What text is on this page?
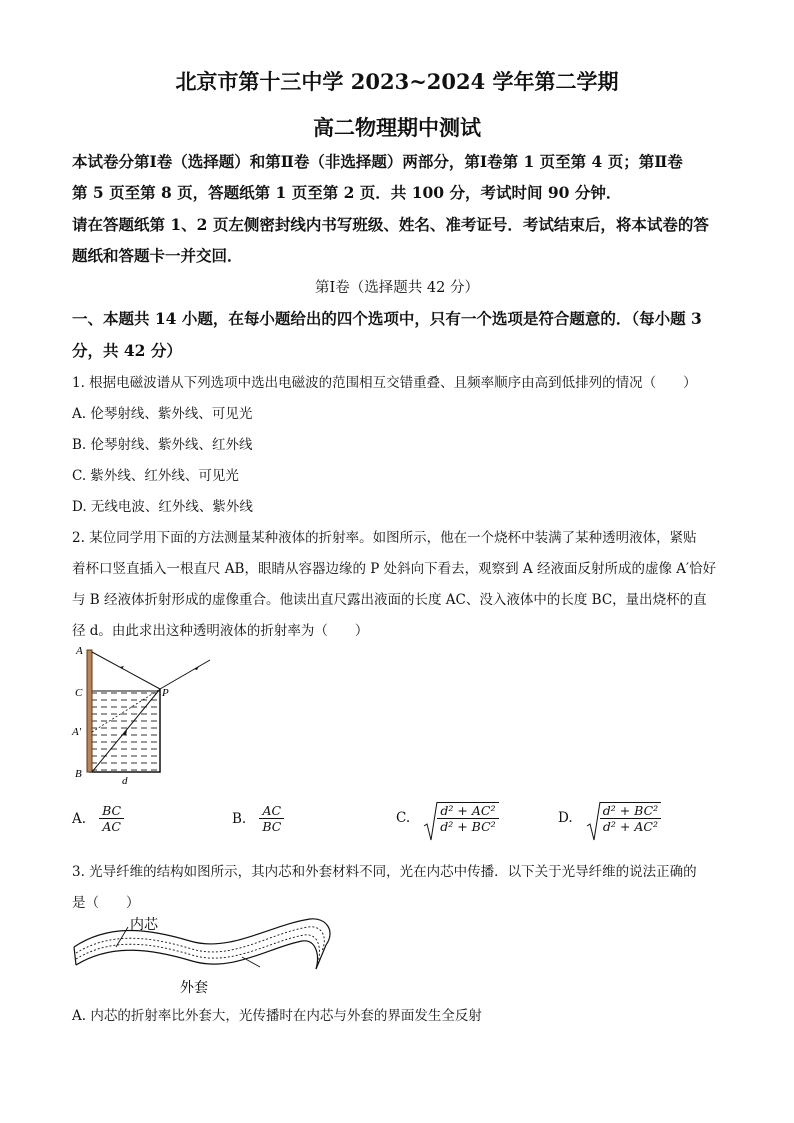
北京市第十三中学 2023~2024 学年第二学期
高二物理期中测试
本试卷分第Ⅰ卷（选择题）和第Ⅱ卷（非选择题）两部分，第Ⅰ卷第 1 页至第 4 页；第Ⅱ卷
第 5 页至第 8 页，答题纸第 1 页至第 2 页．共 100 分，考试时间 90 分钟．
请在答题纸第 1、2 页左侧密封线内书写班级、姓名、准考证号．考试结束后，将本试卷的答
题纸和答题卡一并交回．
第Ⅰ卷（选择题共 42 分）
一、本题共 14 小题，在每小题给出的四个选项中，只有一个选项是符合题意的．（每小题 3
分，共 42 分）
1. 根据电磁波谱从下列选项中选出电磁波的范围相互交错重叠、且频率顺序由高到低排列的情况（　　）
A. 伦琴射线、紫外线、可见光
B. 伦琴射线、紫外线、红外线
C. 紫外线、红外线、可见光
D. 无线电波、红外线、紫外线
2. 某位同学用下面的方法测量某种液体的折射率。如图所示，他在一个烧杯中装满了某种透明液体，紧贴
着杯口竖直插入一根直尺 AB，眼睛从容器边缘的 P 处斜向下看去，观察到 A 经液面反射所成的虚像 A′恰好
与 B 经液体折射形成的虚像重合。他读出直尺露出液面的长度 AC、没入液体中的长度 BC，量出烧杯的直
径 d。由此求出这种透明液体的折射率为（　　）
A
C
A′
B
P
d
A. $\frac{BC}{AC}$	B. $\frac{AC}{BC}$	C. $\frac{\text{d² + AC²}}{\text{d² + BC²}}$	D. $\frac{\text{d² + BC²}}{\text{d² + AC²}}$
3. 光导纤维的结构如图所示，其内芯和外套材料不同，光在内芯中传播．以下关于光导纤维的说法正确的
是（　　）
内芯
外套
A. 内芯的折射率比外套大，光传播时在内芯与外套的界面发生全反射
